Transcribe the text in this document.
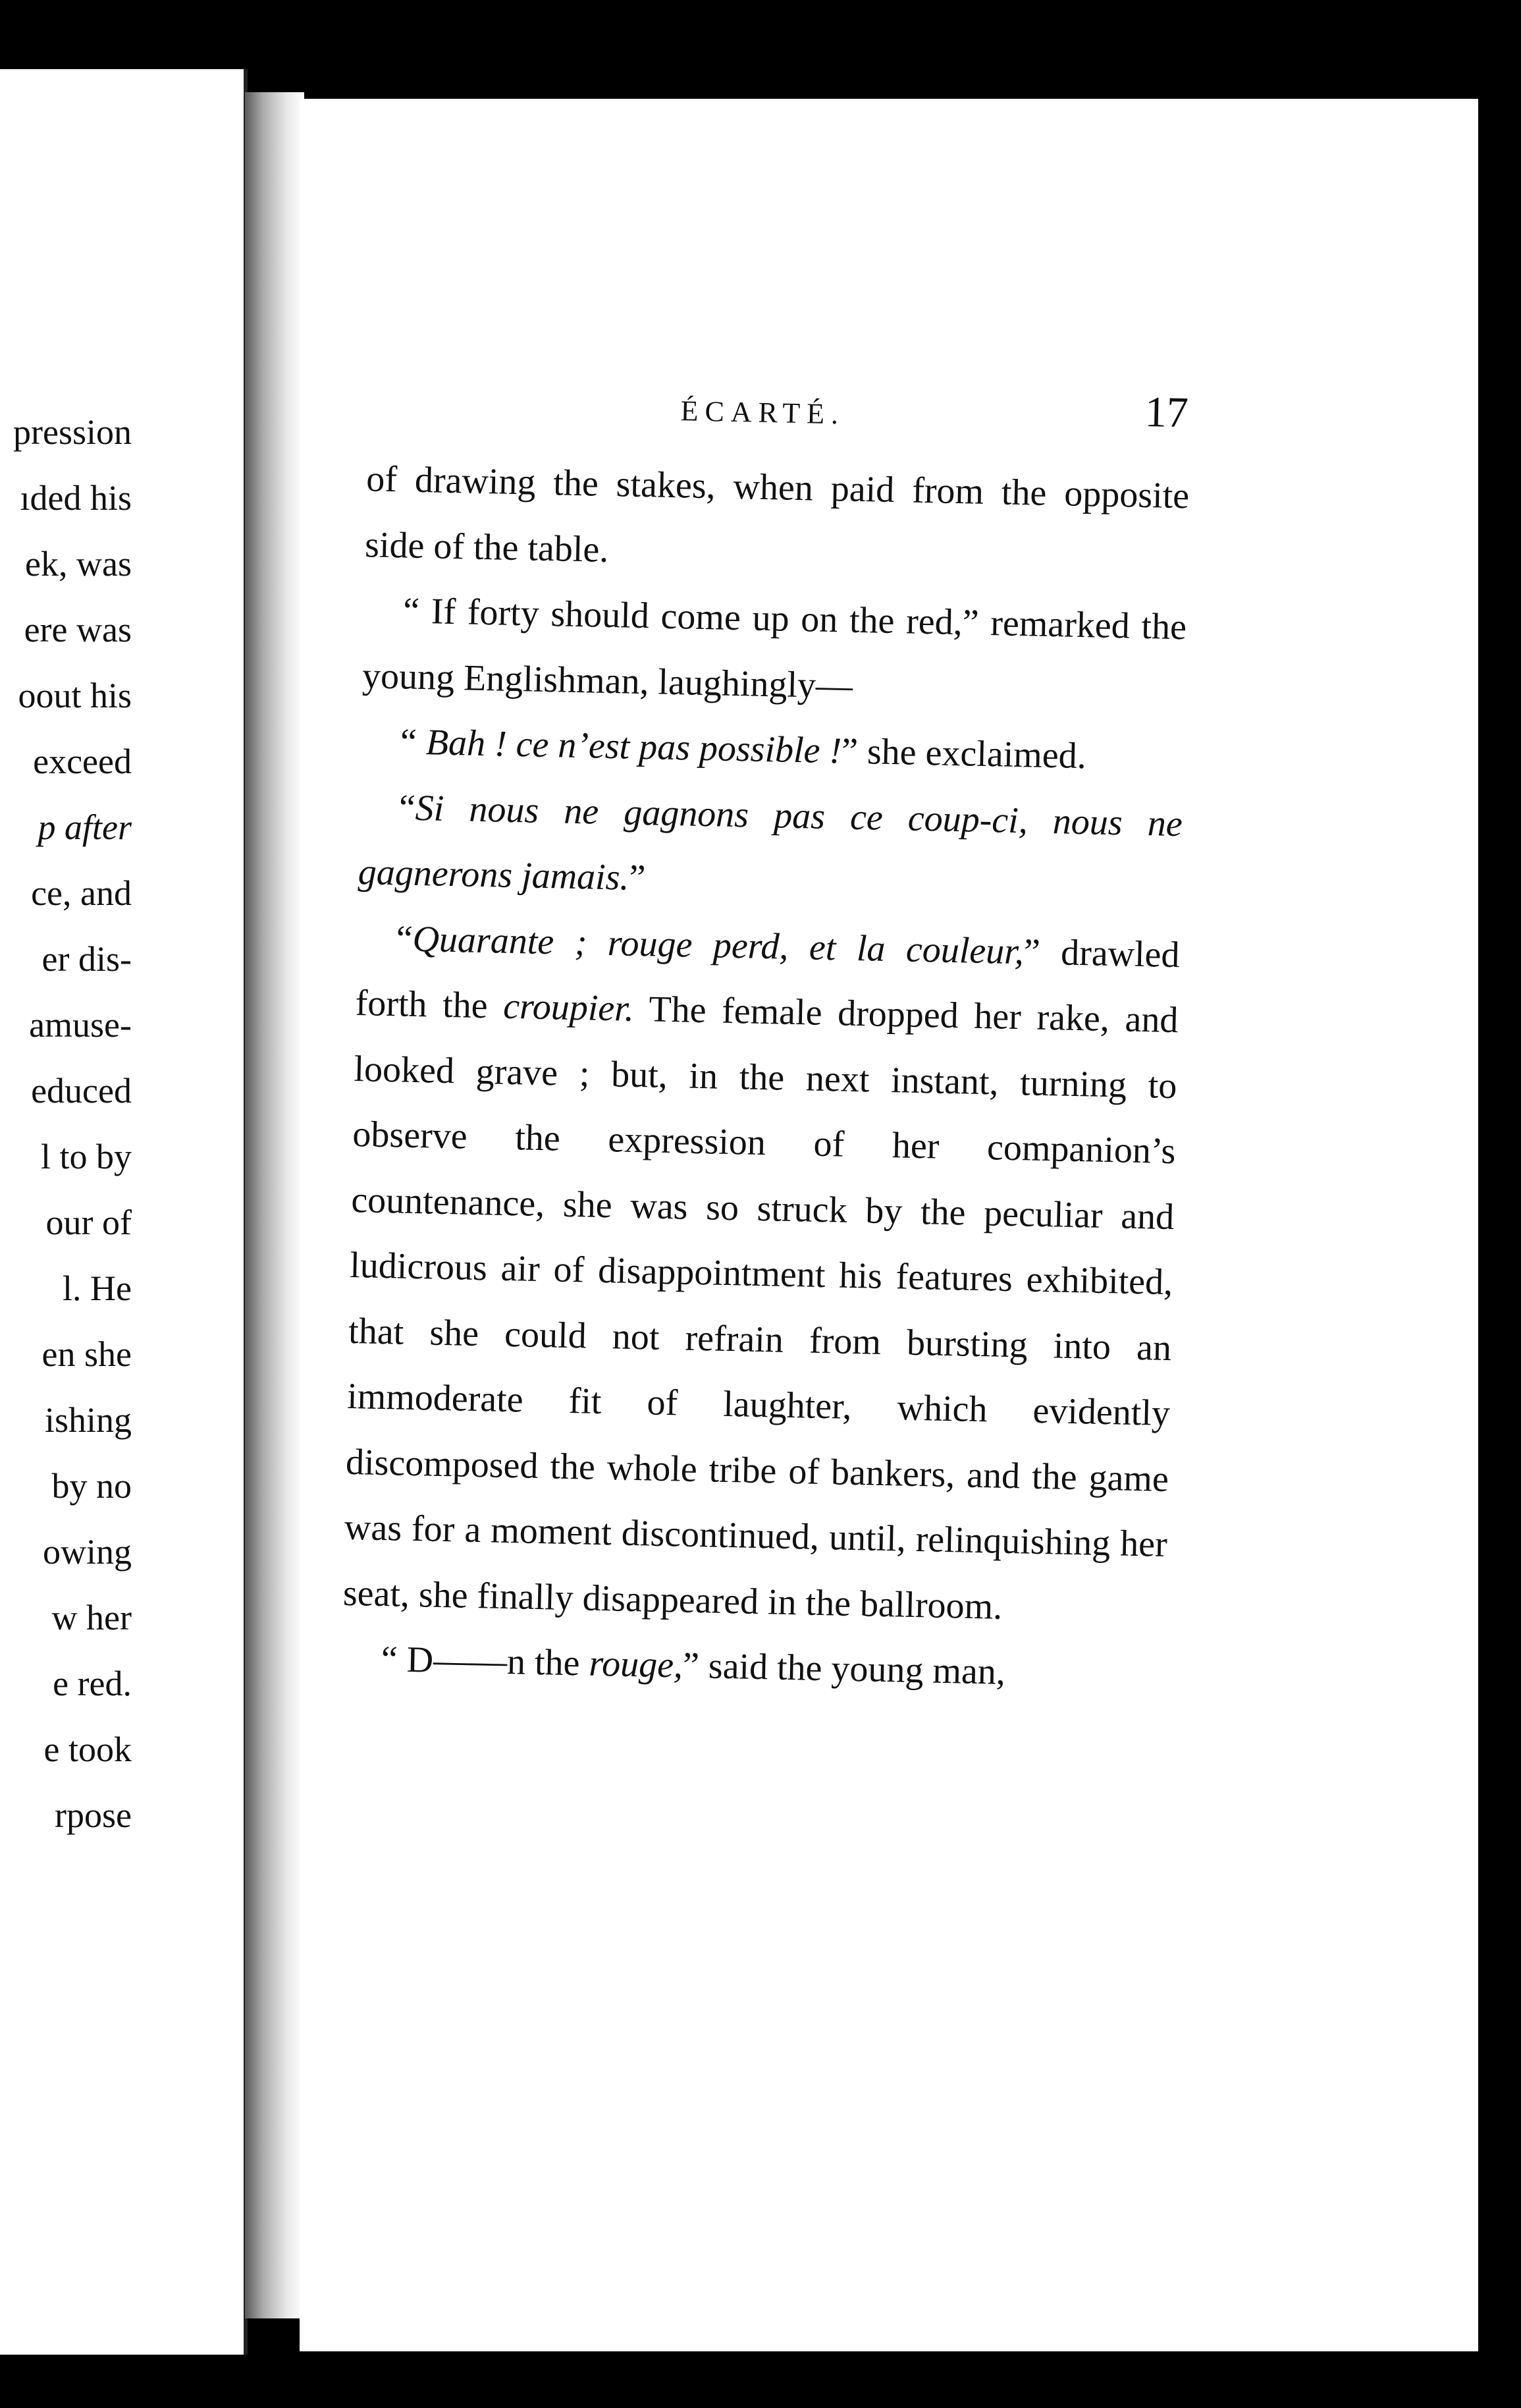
pression
ıded his
ek, was
ere was
oout his
exceed
p after
ce, and
er dis-
amuse-
educed
l to by
our of
l. He
en she
ishing
by no
owing
w her
e red.
e took
rpose
ÉCARTÉ.	17

of drawing the stakes, when paid from the opposite side of the table.

“ If forty should come up on the red,” remarked the young Englishman, laughingly—

“ Bah ! ce n’est pas possible !” she exclaimed.

“Si nous ne gagnons pas ce coup-ci, nous ne gagnerons jamais.”

“Quarante ; rouge perd, et la couleur,” drawled forth the croupier. The female dropped her rake, and looked grave ; but, in the next instant, turning to observe the expression of her companion’s countenance, she was so struck by the peculiar and ludicrous air of disappointment his features exhibited, that she could not refrain from bursting into an immoderate fit of laughter, which evidently discomposed the whole tribe of bankers, and the game was for a moment discontinued, until, relinquishing her seat, she finally disappeared in the ballroom.

“ D——n the rouge,” said the young man,
